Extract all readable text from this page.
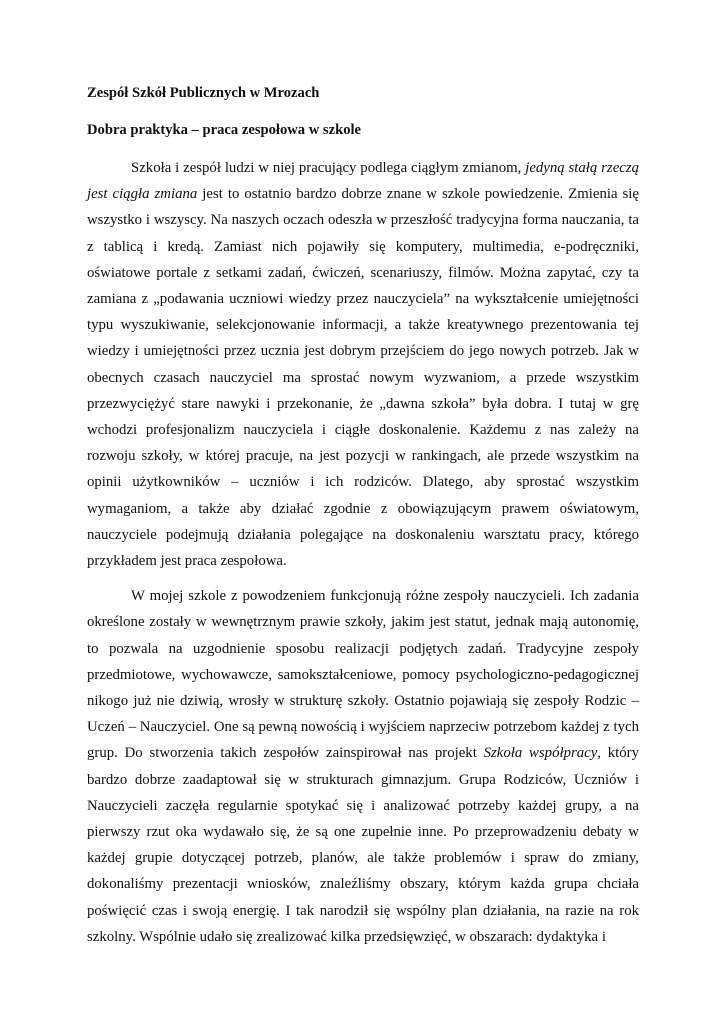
Zespół Szkół Publicznych w Mrozach
Dobra praktyka – praca zespołowa w szkole

Szkoła i zespół ludzi w niej pracujący podlega ciągłym zmianom, jedyną stałą rzeczą jest ciągła zmiana jest to ostatnio bardzo dobrze znane w szkole powiedzenie. Zmienia się wszystko i wszyscy. Na naszych oczach odeszła w przeszłość tradycyjna forma nauczania, ta z tablicą i kredą. Zamiast nich pojawiły się komputery, multimedia, e-podręczniki, oświatowe portale z setkami zadań, ćwiczeń, scenariuszy, filmów. Można zapytać, czy ta zamiana z „podawania uczniowi wiedzy przez nauczyciela” na wykształcenie umiejętności typu wyszukiwanie, selekcjonowanie informacji, a także kreatywnego prezentowania tej wiedzy i umiejętności przez ucznia jest dobrym przejściem do jego nowych potrzeb. Jak w obecnych czasach nauczyciel ma sprostać nowym wyzwaniom, a przede wszystkim przezwyciężyć stare nawyki i przekonanie, że „dawna szkoła” była dobra. I tutaj w grę wchodzi profesjonalizm nauczyciela i ciągłe doskonalenie. Każdemu z nas zależy na rozwoju szkoły, w której pracuje, na jest pozycji w rankingach, ale przede wszystkim na opinii użytkowników – uczniów i ich rodziców. Dlatego, aby sprostać wszystkim wymaganiom, a także aby działać zgodnie z obowiązującym prawem oświatowym, nauczyciele podejmują działania polegające na doskonaleniu warsztatu pracy, którego przykładem jest praca zespołowa.

W mojej szkole z powodzeniem funkcjonują różne zespoły nauczycieli. Ich zadania określone zostały w wewnętrznym prawie szkoły, jakim jest statut, jednak mają autonomię, to pozwala na uzgodnienie sposobu realizacji podjętych zadań. Tradycyjne zespoły przedmiotowe, wychowawcze, samokształceniowe, pomocy psychologiczno-pedagogicznej nikogo już nie dziwią, wrosły w strukturę szkoły. Ostatnio pojawiają się zespoły Rodzic – Uczeń – Nauczyciel. One są pewną nowością i wyjściem naprzeciw potrzebom każdej z tych grup. Do stworzenia takich zespołów zainspirował nas projekt Szkoła współpracy, który bardzo dobrze zaadaptował się w strukturach gimnazjum. Grupa Rodziców, Uczniów i Nauczycieli zaczęła regularnie spotykać się i analizować potrzeby każdej grupy, a na pierwszy rzut oka wydawało się, że są one zupełnie inne. Po przeprowadzeniu debaty w każdej grupie dotyczącej potrzeb, planów, ale także problemów i spraw do zmiany, dokonaliśmy prezentacji wniosków, znaleźliśmy obszary, którym każda grupa chciała poświęcić czas i swoją energię. I tak narodził się wspólny plan działania, na razie na rok szkolny. Wspólnie udało się zrealizować kilka przedsięwzięć, w obszarach: dydaktyka i
